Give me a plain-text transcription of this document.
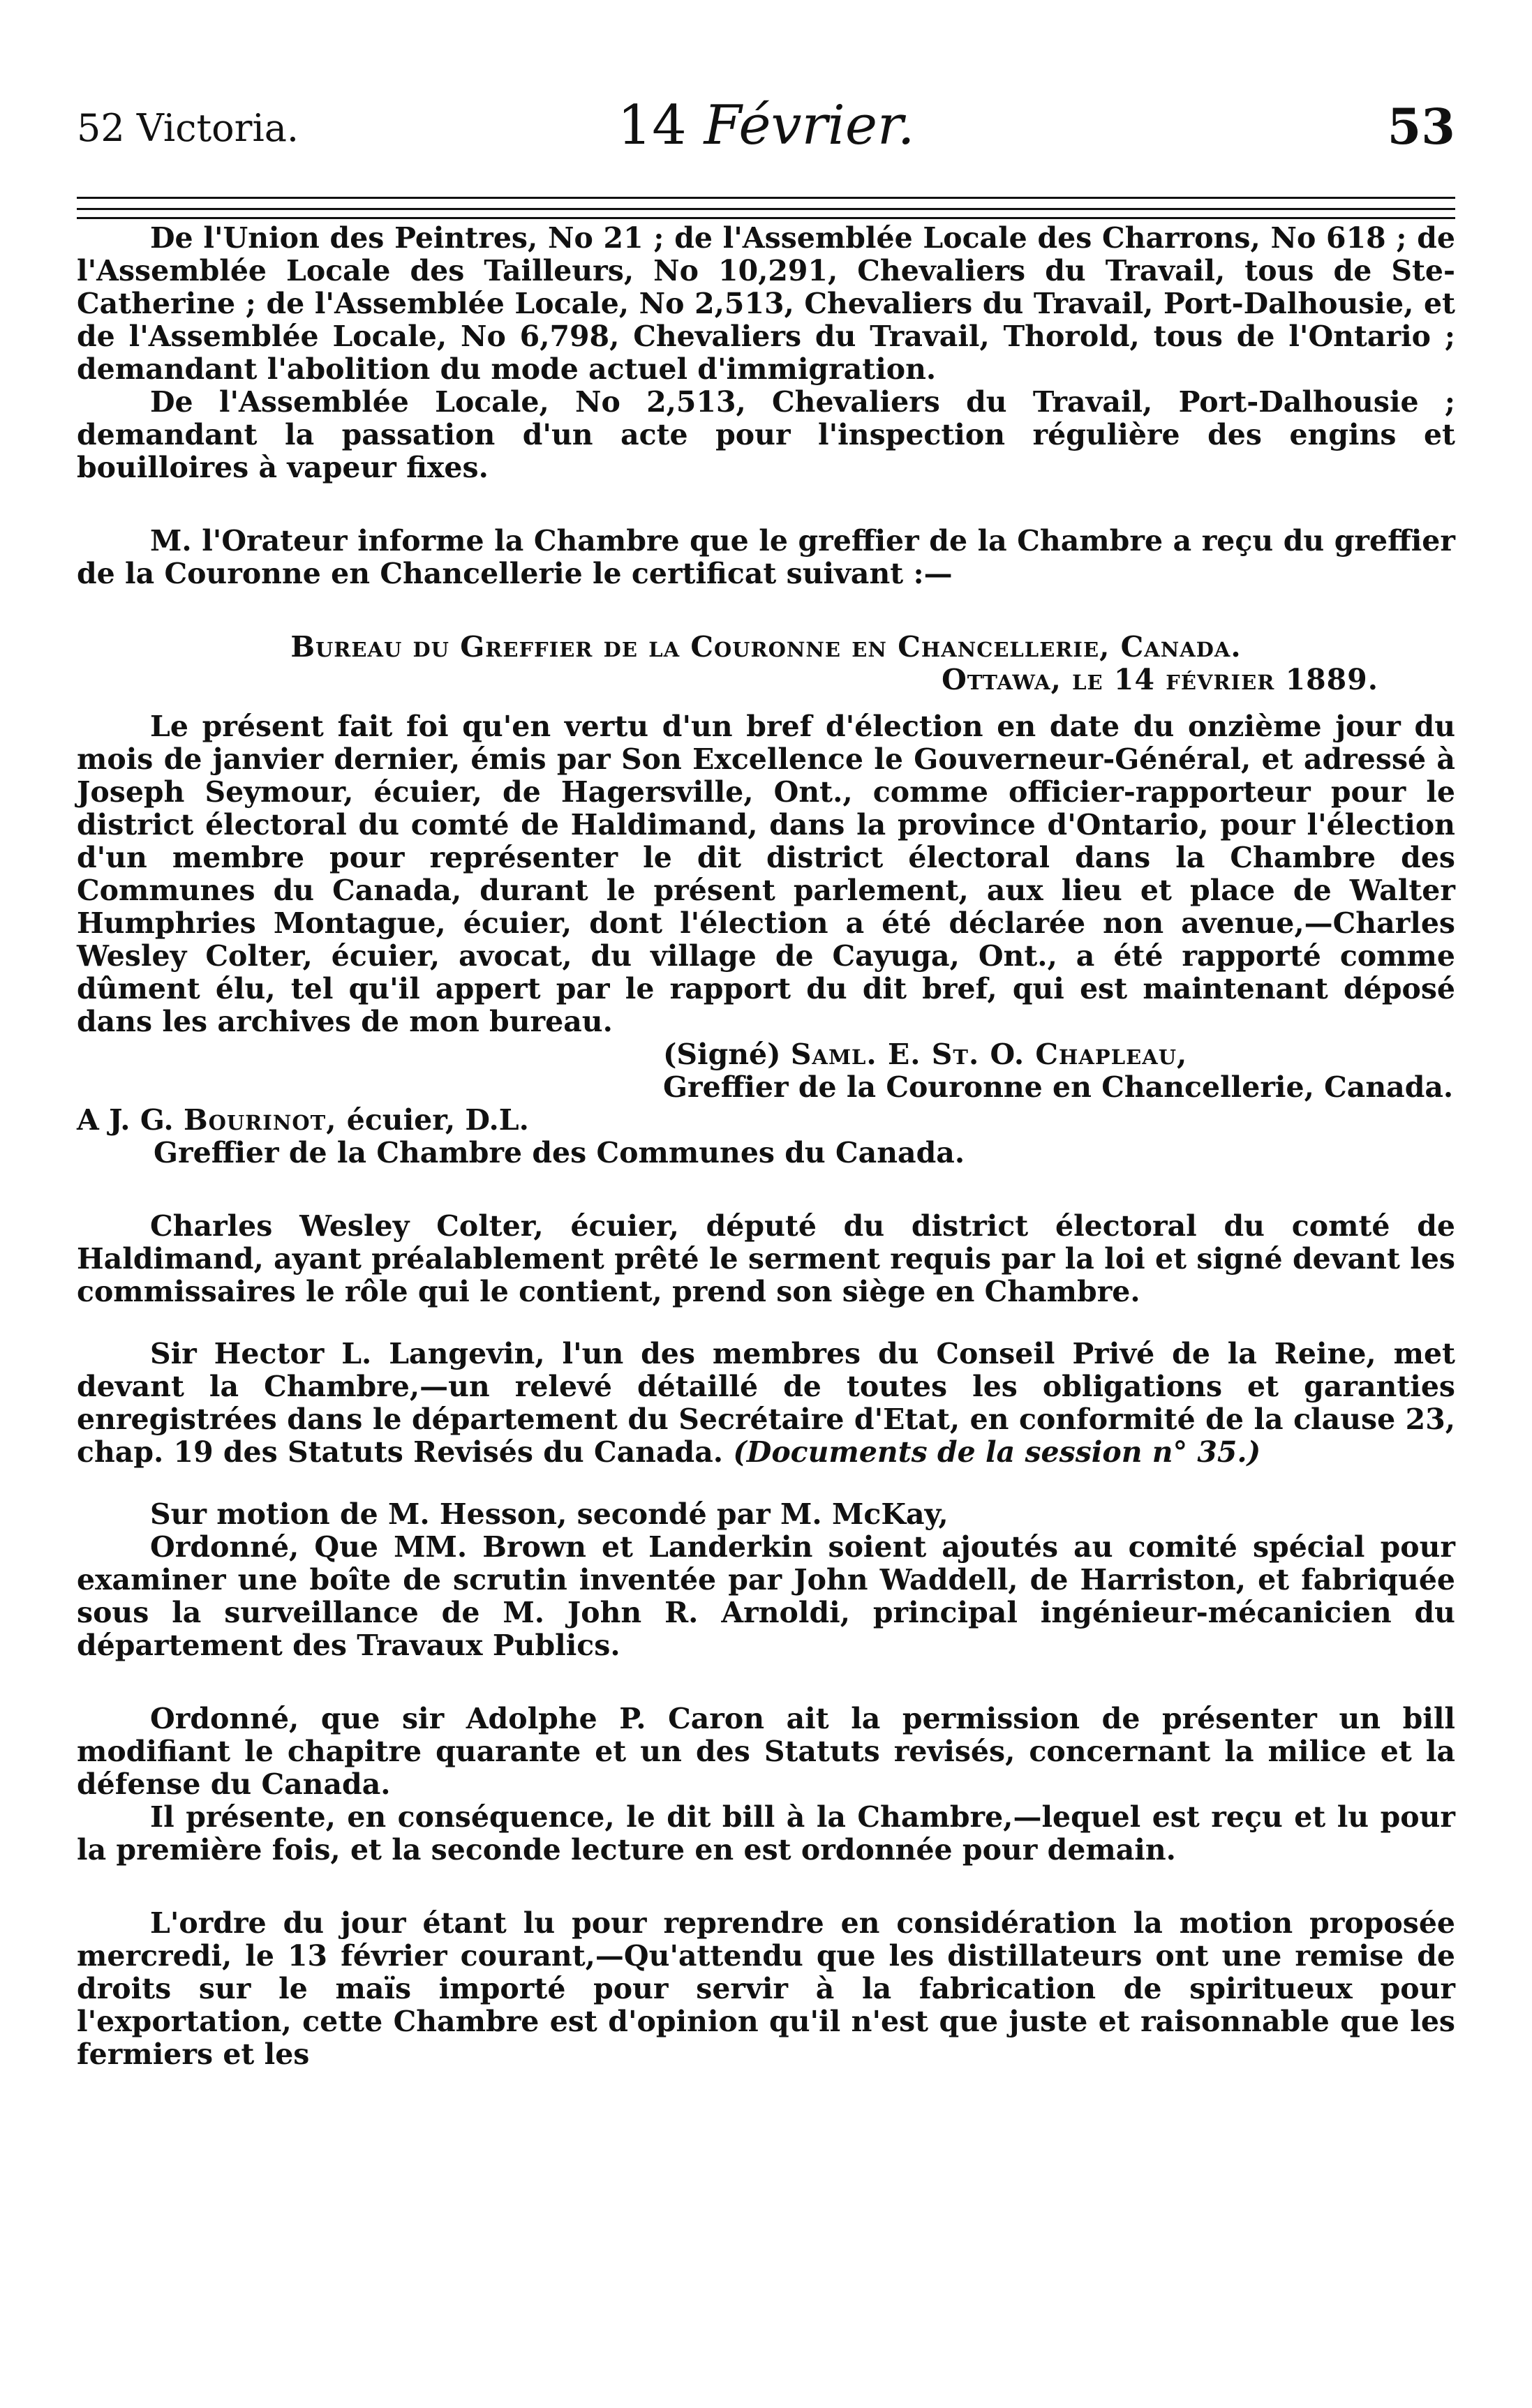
52 Victoria.	14 Février.	53

De l'Union des Peintres, No 21 ; de l'Assemblée Locale des Charrons, No 618 ; de l'Assemblée Locale des Tailleurs, No 10,291, Chevaliers du Travail, tous de Ste-Catherine ; de l'Assemblée Locale, No 2,513, Chevaliers du Travail, Port-Dalhousie, et de l'Assemblée Locale, No 6,798, Chevaliers du Travail, Thorold, tous de l'Ontario ; demandant l'abolition du mode actuel d'immigration.

De l'Assemblée Locale, No 2,513, Chevaliers du Travail, Port-Dalhousie ; demandant la passation d'un acte pour l'inspection régulière des engins et bouilloires à vapeur fixes.

M. l'Orateur informe la Chambre que le greffier de la Chambre a reçu du greffier de la Couronne en Chancellerie le certificat suivant :—

Bureau du Greffier de la Couronne en Chancellerie, Canada.

Ottawa, le 14 février 1889.

Le présent fait foi qu'en vertu d'un bref d'élection en date du onzième jour du mois de janvier dernier, émis par Son Excellence le Gouverneur-Général, et adressé à Joseph Seymour, écuier, de Hagersville, Ont., comme officier-rapporteur pour le district électoral du comté de Haldimand, dans la province d'Ontario, pour l'élection d'un membre pour représenter le dit district électoral dans la Chambre des Communes du Canada, durant le présent parlement, aux lieu et place de Walter Humphries Montague, écuier, dont l'élection a été déclarée non avenue,—Charles Wesley Colter, écuier, avocat, du village de Cayuga, Ont., a été rapporté comme dûment élu, tel qu'il appert par le rapport du dit bref, qui est maintenant déposé dans les archives de mon bureau.

(Signé) Saml. E. St. O. Chapleau,

Greffier de la Couronne en Chancellerie, Canada.

A J. G. Bourinot, écuier, D.L.

Greffier de la Chambre des Communes du Canada.

Charles Wesley Colter, écuier, député du district électoral du comté de Haldimand, ayant préalablement prêté le serment requis par la loi et signé devant les commissaires le rôle qui le contient, prend son siège en Chambre.

Sir Hector L. Langevin, l'un des membres du Conseil Privé de la Reine, met devant la Chambre,—un relevé détaillé de toutes les obligations et garanties enregistrées dans le département du Secrétaire d'Etat, en conformité de la clause 23, chap. 19 des Statuts Revisés du Canada. (Documents de la session n° 35.)

Sur motion de M. Hesson, secondé par M. McKay,

Ordonné, Que MM. Brown et Landerkin soient ajoutés au comité spécial pour examiner une boîte de scrutin inventée par John Waddell, de Harriston, et fabriquée sous la surveillance de M. John R. Arnoldi, principal ingénieur-mécanicien du département des Travaux Publics.

Ordonné, que sir Adolphe P. Caron ait la permission de présenter un bill modifiant le chapitre quarante et un des Statuts revisés, concernant la milice et la défense du Canada.

Il présente, en conséquence, le dit bill à la Chambre,—lequel est reçu et lu pour la première fois, et la seconde lecture en est ordonnée pour demain.

L'ordre du jour étant lu pour reprendre en considération la motion proposée mercredi, le 13 février courant,—Qu'attendu que les distillateurs ont une remise de droits sur le maïs importé pour servir à la fabrication de spiritueux pour l'exportation, cette Chambre est d'opinion qu'il n'est que juste et raisonnable que les fermiers et les
